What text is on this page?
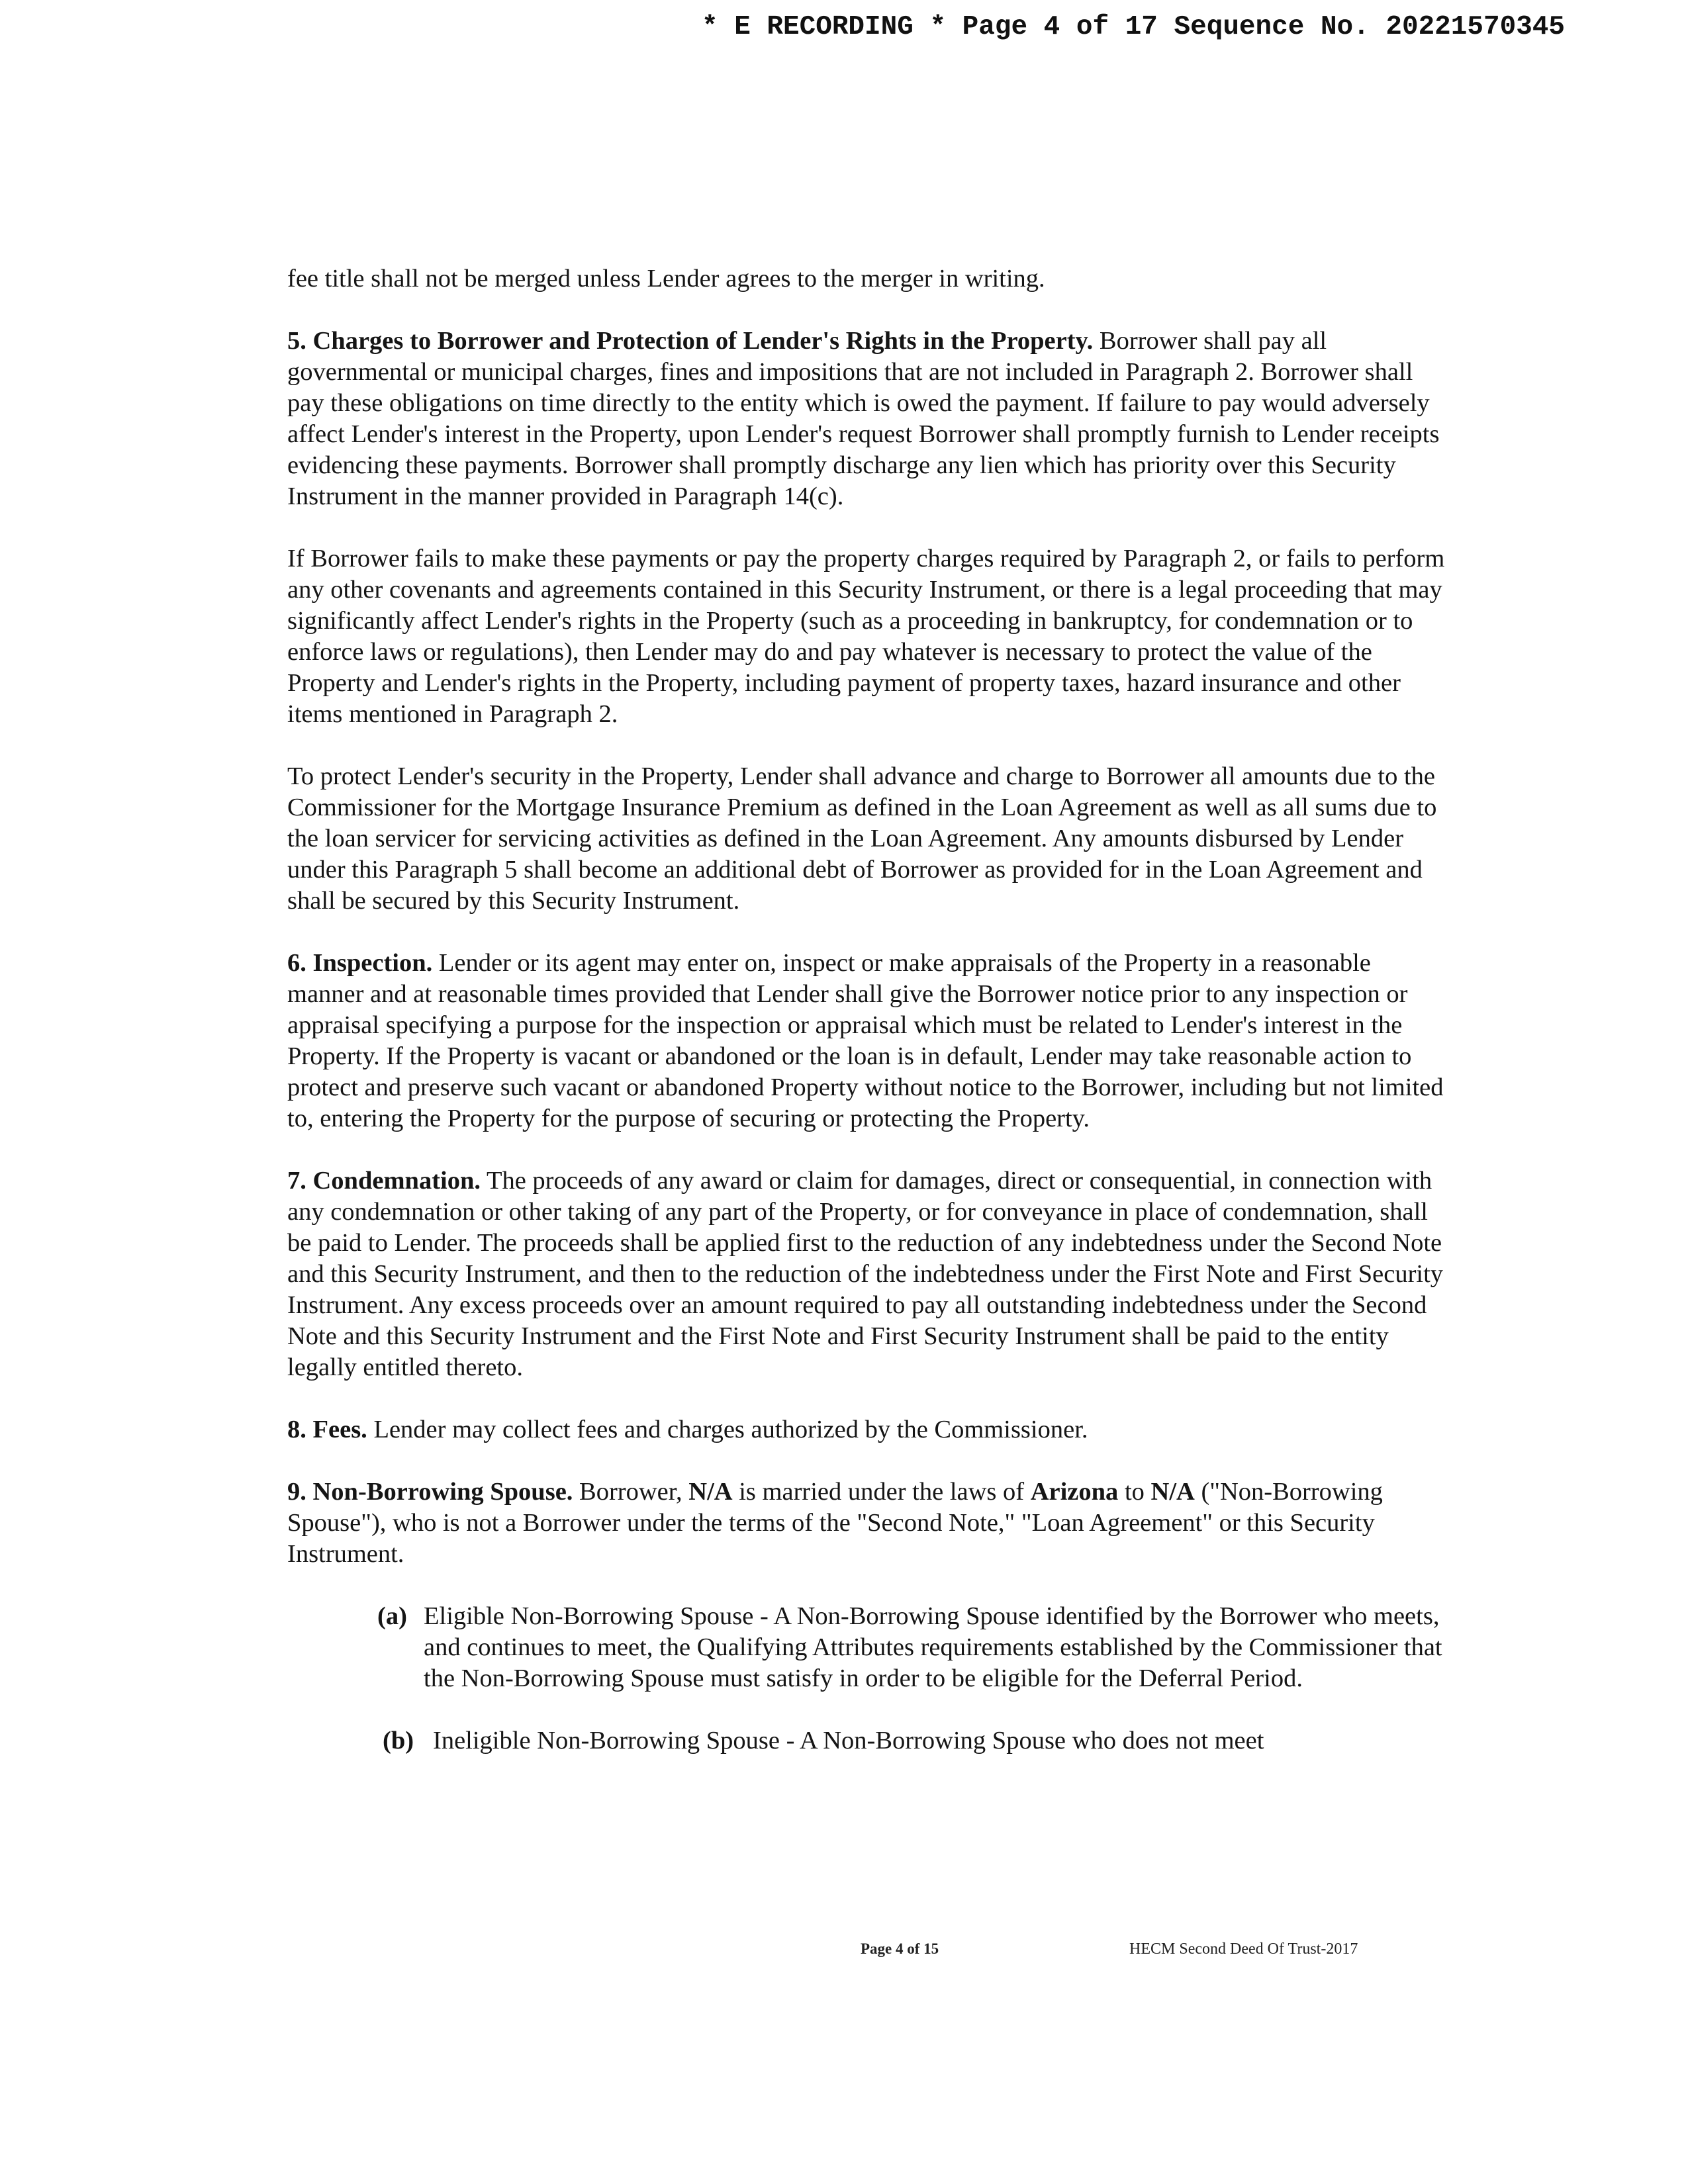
* E RECORDING * Page 4 of 17 Sequence No. 20221570345

fee title shall not be merged unless Lender agrees to the merger in writing.

5. Charges to Borrower and Protection of Lender's Rights in the Property. Borrower shall pay all governmental or municipal charges, fines and impositions that are not included in Paragraph 2. Borrower shall pay these obligations on time directly to the entity which is owed the payment. If failure to pay would adversely affect Lender's interest in the Property, upon Lender's request Borrower shall promptly furnish to Lender receipts evidencing these payments. Borrower shall promptly discharge any lien which has priority over this Security Instrument in the manner provided in Paragraph 14(c).

If Borrower fails to make these payments or pay the property charges required by Paragraph 2, or fails to perform any other covenants and agreements contained in this Security Instrument, or there is a legal proceeding that may significantly affect Lender's rights in the Property (such as a proceeding in bankruptcy, for condemnation or to enforce laws or regulations), then Lender may do and pay whatever is necessary to protect the value of the Property and Lender's rights in the Property, including payment of property taxes, hazard insurance and other items mentioned in Paragraph 2.

To protect Lender's security in the Property, Lender shall advance and charge to Borrower all amounts due to the Commissioner for the Mortgage Insurance Premium as defined in the Loan Agreement as well as all sums due to the loan servicer for servicing activities as defined in the Loan Agreement. Any amounts disbursed by Lender under this Paragraph 5 shall become an additional debt of Borrower as provided for in the Loan Agreement and shall be secured by this Security Instrument.

6. Inspection. Lender or its agent may enter on, inspect or make appraisals of the Property in a reasonable manner and at reasonable times provided that Lender shall give the Borrower notice prior to any inspection or appraisal specifying a purpose for the inspection or appraisal which must be related to Lender's interest in the Property. If the Property is vacant or abandoned or the loan is in default, Lender may take reasonable action to protect and preserve such vacant or abandoned Property without notice to the Borrower, including but not limited to, entering the Property for the purpose of securing or protecting the Property.

7. Condemnation. The proceeds of any award or claim for damages, direct or consequential, in connection with any condemnation or other taking of any part of the Property, or for conveyance in place of condemnation, shall be paid to Lender. The proceeds shall be applied first to the reduction of any indebtedness under the Second Note and this Security Instrument, and then to the reduction of the indebtedness under the First Note and First Security Instrument. Any excess proceeds over an amount required to pay all outstanding indebtedness under the Second Note and this Security Instrument and the First Note and First Security Instrument shall be paid to the entity legally entitled thereto.

8. Fees. Lender may collect fees and charges authorized by the Commissioner.

9. Non-Borrowing Spouse. Borrower, N/A is married under the laws of Arizona to N/A ("Non-Borrowing Spouse"), who is not a Borrower under the terms of the "Second Note," "Loan Agreement" or this Security Instrument.

(a) Eligible Non-Borrowing Spouse - A Non-Borrowing Spouse identified by the Borrower who meets, and continues to meet, the Qualifying Attributes requirements established by the Commissioner that the Non-Borrowing Spouse must satisfy in order to be eligible for the Deferral Period.

(b) Ineligible Non-Borrowing Spouse - A Non-Borrowing Spouse who does not meet

Page 4 of 15	HECM Second Deed Of Trust-2017
